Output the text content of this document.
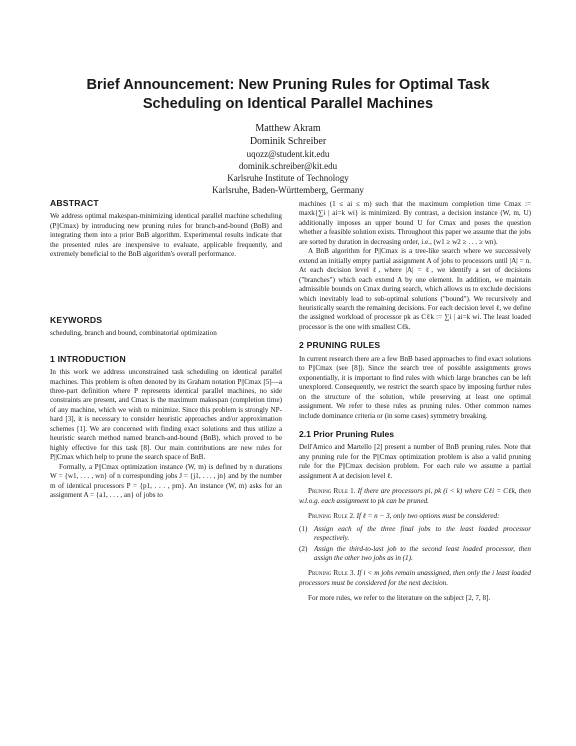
Brief Announcement: New Pruning Rules for Optimal Task
Scheduling on Identical Parallel Machines
Matthew Akram
Dominik Schreiber
uqozz@student.kit.edu
dominik.schreiber@kit.edu
Karlsruhe Institute of Technology
Karlsruhe, Baden-Württemberg, Germany
ABSTRACT

We address optimal makespan-minimizing identical parallel machine scheduling (P||Cmax) by introducing new pruning rules for branch-and-bound (BnB) and integrating them into a prior BnB algorithm. Experimental results indicate that the presented rules are inexpensive to evaluate, applicable frequently, and extremely beneficial to the BnB algorithm's overall performance.

KEYWORDS

scheduling, branch and bound, combinatorial optimization

1 INTRODUCTION

In this work we address unconstrained task scheduling on identical parallel machines. This problem is often denoted by its Graham notation P||Cmax [5]—a three-part definition where P represents identical parallel machines, no side constraints are present, and Cmax is the maximum makespan (completion time) of any machine, which we wish to minimize. Since this problem is strongly NP-hard [3], it is necessary to consider heuristic approaches and/or approximation schemes [1]. We are concerned with finding exact solutions and thus utilize a heuristic search method named branch-and-bound (BnB), which proved to be highly effective for this task [8]. Our main contributions are new rules for P||Cmax which help to prune the search space of BnB.

Formally, a P||Cmax optimization instance (W, m) is defined by n durations W = {w1, . . . , wn} of n corresponding jobs J = {j1, . . . , jn} and by the number m of identical processors P = {p1, . . . , pm}. An instance (W, m) asks for an assignment A = {a1, . . . , an} of jobs to

machines (1 ≤ ai ≤ m) such that the maximum completion time Cmax := maxk{∑i | ai=k wi} is minimized. By contrast, a decision instance (W, m, U) additionally imposes an upper bound U for Cmax and poses the question whether a feasible solution exists. Throughout this paper we assume that the jobs are sorted by duration in decreasing order, i.e., (w1 ≥ w2 ≥ . . . ≥ wn).

A BnB algorithm for P||Cmax is a tree-like search where we successively extend an initially empty partial assignment A of jobs to processors until |A| = n. At each decision level ℓ, where |A| = ℓ, we identify a set of decisions ("branches") which each extend A by one element. In addition, we maintain admissible bounds on Cmax during search, which allows us to exclude decisions which inevitably lead to sub-optimal solutions ("bound"). We recursively and heuristically search the remaining decisions. For each decision level ℓ, we define the assigned workload of processor pk as Cℓk := ∑i | ai=k wi. The least loaded processor is the one with smallest Cℓk.

2 PRUNING RULES

In current research there are a few BnB based approaches to find exact solutions to P||Cmax (see [8]). Since the search tree of possible assignments grows exponentially, it is important to find rules with which large branches can be left unexplored. Consequently, we restrict the search space by imposing further rules on the structure of the solution, while preserving at least one optimal assignment. We refer to these rules as pruning rules. Other common names include dominance criteria or (in some cases) symmetry breaking.

2.1 Prior Pruning Rules

Dell'Amico and Martello [2] present a number of BnB pruning rules. Note that any pruning rule for the P||Cmax optimization problem is also a valid pruning rule for the P||Cmax decision problem. For each rule we assume a partial assignment A at decision level ℓ.

Pruning Rule 1. If there are processors pi, pk (i < k) where Cℓi = Cℓk, then w.l.o.g. each assignment to pk can be pruned.

Pruning Rule 2. If ℓ = n − 3, only two options must be considered:

(1) Assign each of the three final jobs to the least loaded processor respectively.
(2) Assign the third-to-last job to the second least loaded processor, then assign the other two jobs as in (1).

Pruning Rule 3. If i < m jobs remain unassigned, then only the i least loaded processors must be considered for the next decision.

For more rules, we refer to the literature on the subject [2, 7, 8].
